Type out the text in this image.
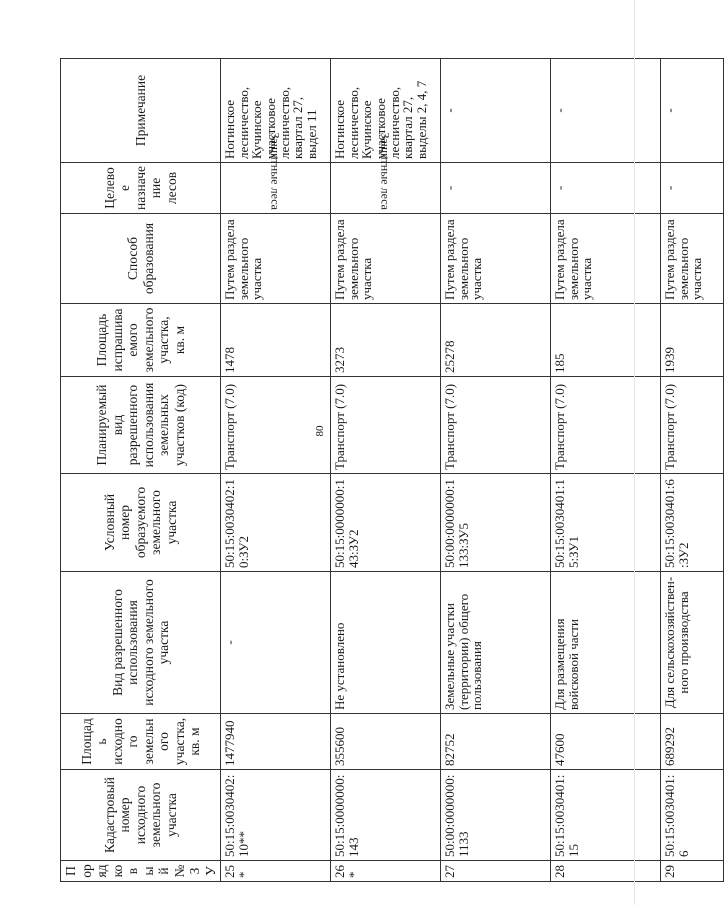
80
Порядковый № ЗУ	Кадастровый номер исходного земельного участка	Площадь исходного земельного участка, кв. м	Вид разрешенного использования исходного земельного участка	Условный номер образуемого земельного участка	Планируемый вид разрешенного использования земельных участков (код)	Площадь испрашиваемого земельного участка, кв. м	Способ образования	Целевое назначение лесов	Примечание
25*	50:15:0030402:10**	1477940	-	50:15:0030402:10:ЗУ2	Транспорт (7.0)	1478	Путем раздела земельного участка	Защитные леса	Ногинское лесничество, Кучинское участковое лесничество, квартал 27, выдел 11
26*	50:15:0000000:143	355600	Не установлено	50:15:0000000:143:ЗУ2	Транспорт (7.0)	3273	Путем раздела земельного участка	Защитные леса	Ногинское лесничество, Кучинское участковое лесничество, квартал 27, выделы 2, 4, 7
27	50:00:0000000:1133	82752	Земельные участки (территории) общего пользования	50:00:0000000:1133:ЗУ5	Транспорт (7.0)	25278	Путем раздела земельного участка	-	-
28	50:15:0030401:15	47600	Для размещения войсковой части	50:15:0030401:15:ЗУ1	Транспорт (7.0)	185	Путем раздела земельного участка	-	-
29	50:15:0030401:6	689292	Для сельскохозяйствен-ного производства	50:15:0030401:6:ЗУ2	Транспорт (7.0)	1939	Путем раздела земельного участка	-	-
